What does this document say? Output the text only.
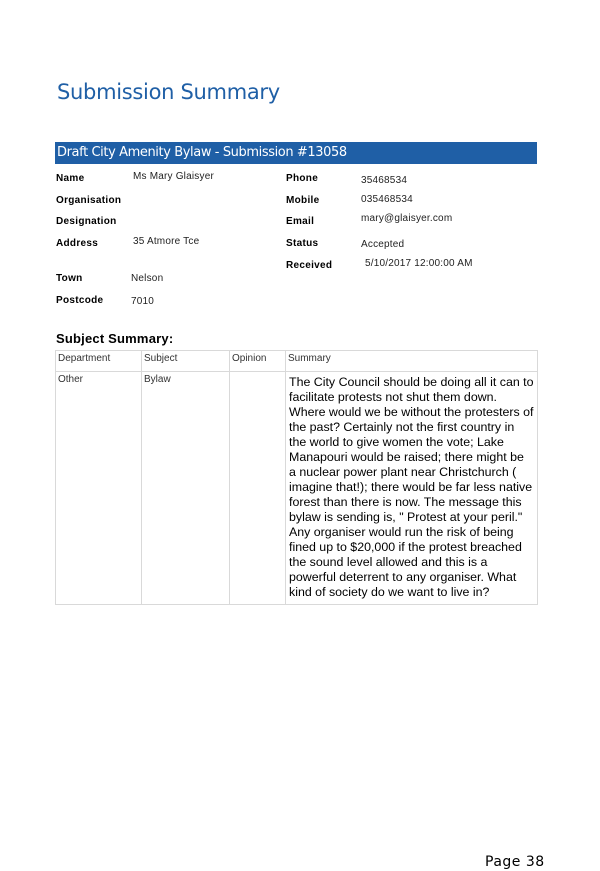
Submission Summary
Draft City Amenity Bylaw - Submission #13058
Name	Ms Mary Glaisyer
Organisation
Designation
Address	35 Atmore Tce
Town	Nelson
Postcode	7010
Phone	35468534
Mobile	035468534
Email	mary@glaisyer.com
Status	Accepted
Received	5/10/2017 12:00:00 AM
Subject Summary:
Department	Subject	Opinion	Summary
Other	Bylaw		The City Council should be doing all it can to facilitate protests not shut them down. Where would we be without the protesters of the past? Certainly not the first country in the world to give women the vote; Lake Manapouri would be raised; there might be a nuclear power plant near Christchurch ( imagine that!); there would be far less native forest than there is now. The message this bylaw is sending is, " Protest at your peril." Any organiser would run the risk of being fined up to $20,000 if the protest breached the sound level allowed and this is a powerful deterrent to any organiser. What kind of society do we want to live in?
Page 38
